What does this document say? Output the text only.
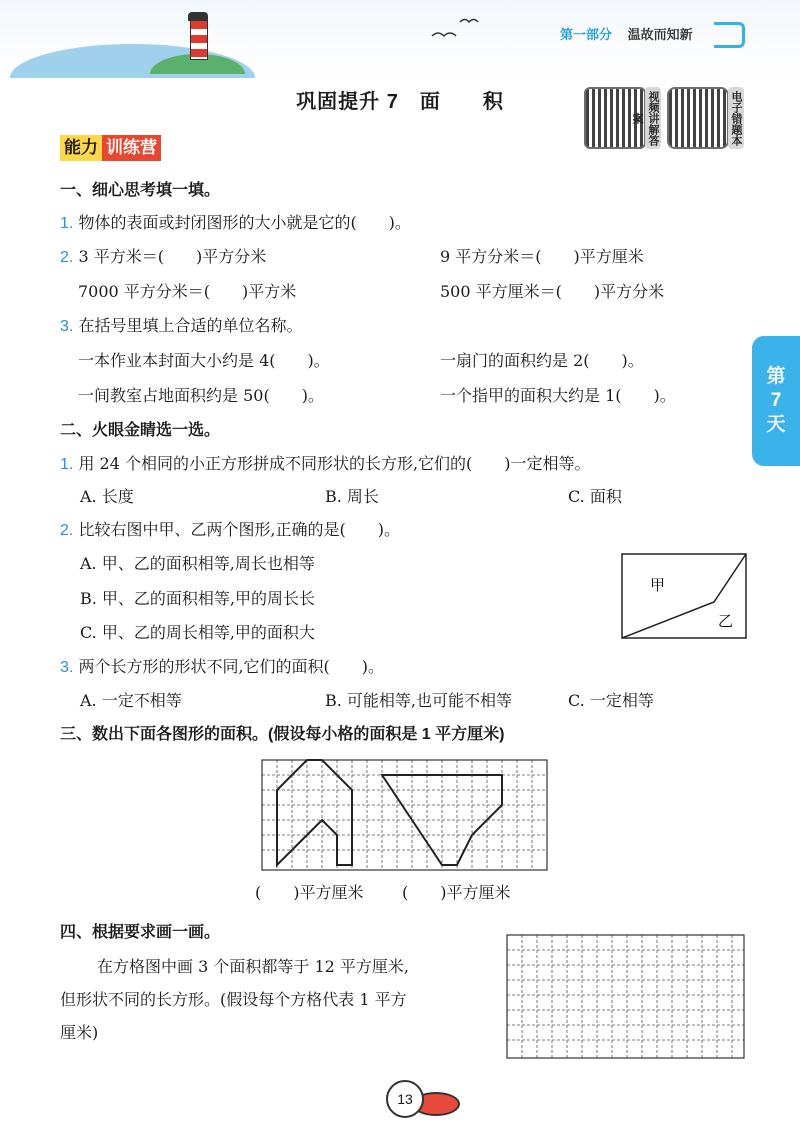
第一部分 温故而知新
巩固提升 7　面　　积	视频讲解答案	电子错题本
能力 训练营
第
7
天
一、细心思考填一填。
1. 物体的表面或封闭图形的大小就是它的(　　)。
2. 3 平方米＝(　　)平方分米	9 平方分米＝(　　)平方厘米
7000 平方分米＝(　　)平方米	500 平方厘米＝(　　)平方分米
3. 在括号里填上合适的单位名称。
一本作业本封面大小约是 4(　　)。	一扇门的面积约是 2(　　)。
一间教室占地面积约是 50(　　)。	一个指甲的面积大约是 1(　　)。
二、火眼金睛选一选。
1. 用 24 个相同的小正方形拼成不同形状的长方形,它们的(　　)一定相等。
A. 长度	B. 周长	C. 面积
2. 比较右图中甲、乙两个图形,正确的是(　　)。
A. 甲、乙的面积相等,周长也相等
B. 甲、乙的面积相等,甲的周长长
C. 甲、乙的周长相等,甲的面积大
甲
乙
3. 两个长方形的形状不同,它们的面积(　　)。
A. 一定不相等	B. 可能相等,也可能不相等	C. 一定相等
三、数出下面各图形的面积。(假设每小格的面积是 1 平方厘米)
(　　)平方厘米 (　　)平方厘米
四、根据要求画一画。
在方格图中画 3 个面积都等于 12 平方厘米,
但形状不同的长方形。(假设每个方格代表 1 平方
厘米)
13
